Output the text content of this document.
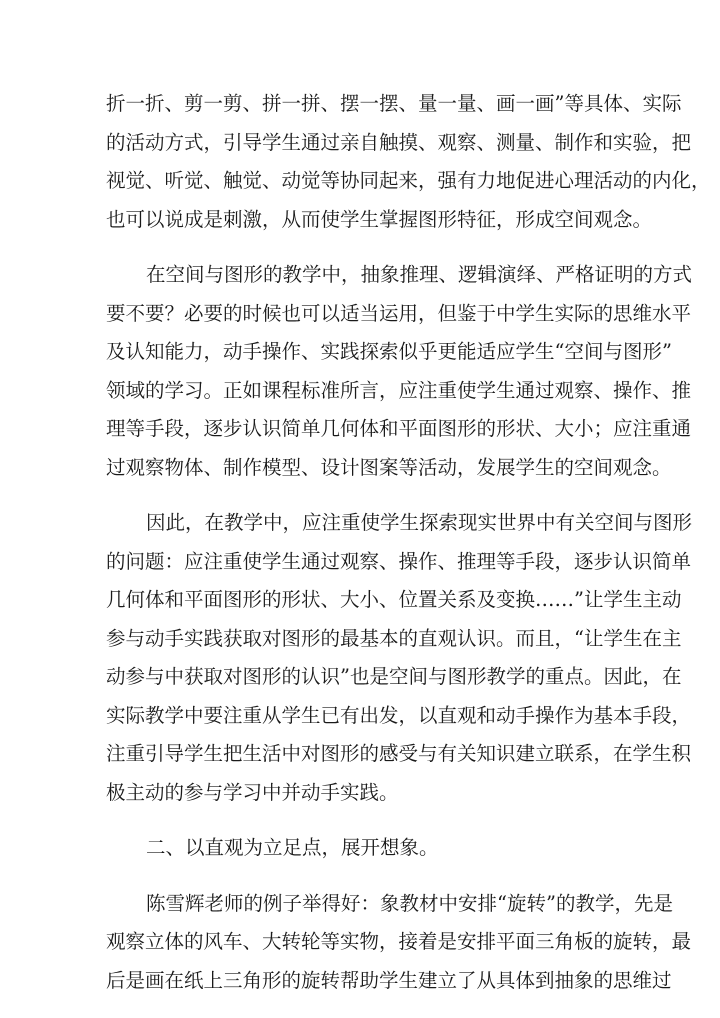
折一折、剪一剪、拼一拼、摆一摆、量一量、画一画”等具体、实际
的活动方式，引导学生通过亲自触摸、观察、测量、制作和实验，把
视觉、听觉、触觉、动觉等协同起来，强有力地促进心理活动的内化，
也可以说成是刺激，从而使学生掌握图形特征，形成空间观念。
在空间与图形的教学中，抽象推理、逻辑演绎、严格证明的方式
要不要？必要的时候也可以适当运用，但鉴于中学生实际的思维水平
及认知能力，动手操作、实践探索似乎更能适应学生“空间与图形”
领域的学习。正如课程标准所言，应注重使学生通过观察、操作、推
理等手段，逐步认识简单几何体和平面图形的形状、大小；应注重通
过观察物体、制作模型、设计图案等活动，发展学生的空间观念。
因此，在教学中，应注重使学生探索现实世界中有关空间与图形
的问题：应注重使学生通过观察、操作、推理等手段，逐步认识简单
几何体和平面图形的形状、大小、位置关系及变换……”让学生主动
参与动手实践获取对图形的最基本的直观认识。而且，“让学生在主
动参与中获取对图形的认识”也是空间与图形教学的重点。因此，在
实际教学中要注重从学生已有出发，以直观和动手操作为基本手段，
注重引导学生把生活中对图形的感受与有关知识建立联系，在学生积
极主动的参与学习中并动手实践。
二、以直观为立足点，展开想象。
陈雪辉老师的例子举得好：象教材中安排“旋转”的教学，先是
观察立体的风车、大转轮等实物，接着是安排平面三角板的旋转，最
后是画在纸上三角形的旋转帮助学生建立了从具体到抽象的思维过
